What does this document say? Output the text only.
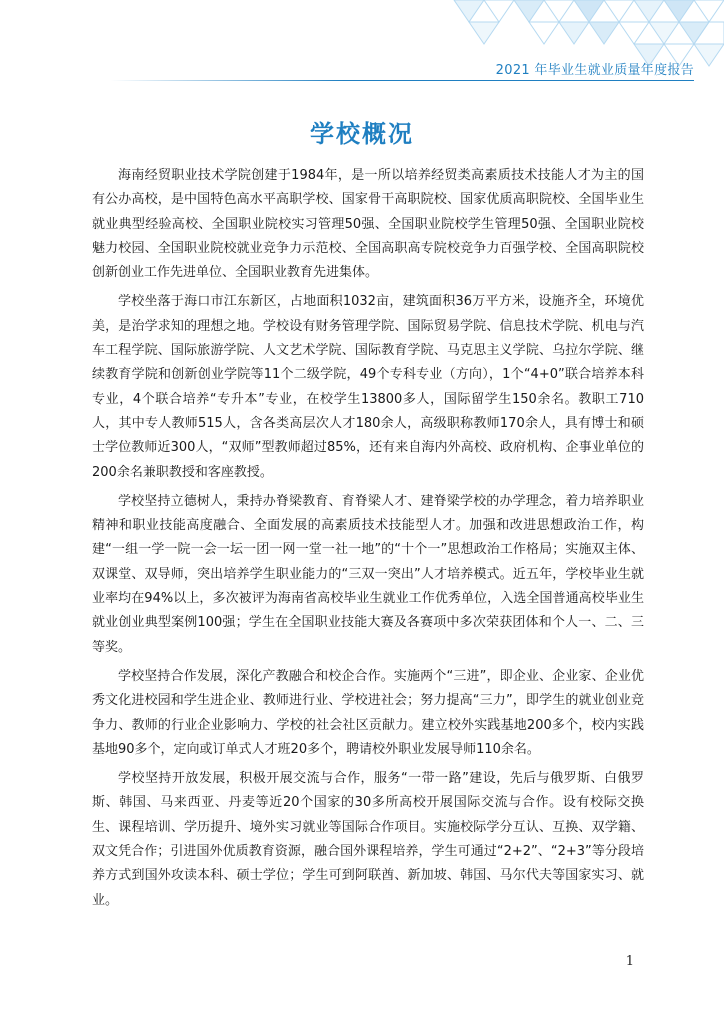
2021 年毕业生就业质量年度报告
学校概况

海南经贸职业技术学院创建于1984年，是一所以培养经贸类高素质技术技能人才为主的国有公办高校，是中国特色高水平高职学校、国家骨干高职院校、国家优质高职院校、全国毕业生就业典型经验高校、全国职业院校实习管理50强、全国职业院校学生管理50强、全国职业院校魅力校园、全国职业院校就业竞争力示范校、全国高职高专院校竞争力百强学校、全国高职院校创新创业工作先进单位、全国职业教育先进集体。

学校坐落于海口市江东新区，占地面积1032亩，建筑面积36万平方米，设施齐全，环境优美，是治学求知的理想之地。学校设有财务管理学院、国际贸易学院、信息技术学院、机电与汽车工程学院、国际旅游学院、人文艺术学院、国际教育学院、马克思主义学院、乌拉尔学院、继续教育学院和创新创业学院等11个二级学院，49个专科专业（方向），1个“4+0”联合培养本科专业，4个联合培养“专升本”专业，在校学生13800多人，国际留学生150余名。教职工710人，其中专人教师515人，含各类高层次人才180余人，高级职称教师170余人，具有博士和硕士学位教师近300人，“双师”型教师超过85%，还有来自海内外高校、政府机构、企事业单位的200余名兼职教授和客座教授。

学校坚持立德树人，秉持办脊梁教育、育脊梁人才、建脊梁学校的办学理念，着力培养职业精神和职业技能高度融合、全面发展的高素质技术技能型人才。加强和改进思想政治工作，构建“一组一学一院一会一坛一团一网一堂一社一地”的“十个一”思想政治工作格局；实施双主体、双课堂、双导师，突出培养学生职业能力的“三双一突出”人才培养模式。近五年，学校毕业生就业率均在94%以上，多次被评为海南省高校毕业生就业工作优秀单位，入选全国普通高校毕业生就业创业典型案例100强；学生在全国职业技能大赛及各赛项中多次荣获团体和个人一、二、三等奖。

学校坚持合作发展，深化产教融合和校企合作。实施两个“三进”，即企业、企业家、企业优秀文化进校园和学生进企业、教师进行业、学校进社会；努力提高“三力”，即学生的就业创业竞争力、教师的行业企业影响力、学校的社会社区贡献力。建立校外实践基地200多个，校内实践基地90多个，定向或订单式人才班20多个，聘请校外职业发展导师110余名。

学校坚持开放发展，积极开展交流与合作，服务“一带一路”建设，先后与俄罗斯、白俄罗斯、韩国、马来西亚、丹麦等近20个国家的30多所高校开展国际交流与合作。设有校际交换生、课程培训、学历提升、境外实习就业等国际合作项目。实施校际学分互认、互换、双学籍、双文凭合作；引进国外优质教育资源，融合国外课程培养，学生可通过“2+2”、“2+3”等分段培养方式到国外攻读本科、硕士学位；学生可到阿联酋、新加坡、韩国、马尔代夫等国家实习、就业。

1
